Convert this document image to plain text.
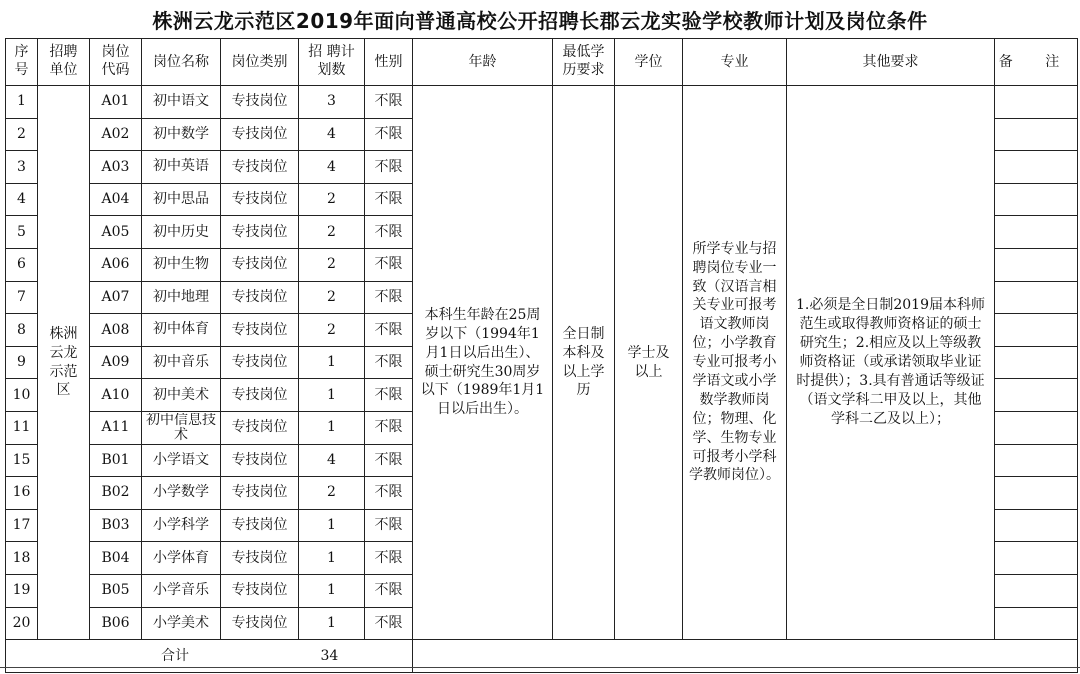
株洲云龙示范区2019年面向普通高校公开招聘长郡云龙实验学校教师计划及岗位条件
序号	招聘单位	岗位代码	岗位名称	岗位类别	招 聘计划数	性别	年龄	最低学历要求	学位	专业	其他要求	备 注
1	株洲云龙示范区	A01	初中语文	专技岗位	3	不限	本科生年龄在25周岁以下（1994年1月1日以后出生）、硕士研究生30周岁以下（1989年1月1日以后出生）。	全日制本科及以上学历	学士及以上	所学专业与招聘岗位专业一致（汉语言相关专业可报考语文教师岗位；小学教育专业可报考小学语文或小学数学教师岗位；物理、化学、生物专业可报考小学科学教师岗位）。	1.必须是全日制2019届本科师范生或取得教师资格证的硕士研究生；2.相应及以上等级教师资格证（或承诺领取毕业证时提供）；3.具有普通话等级证（语文学科二甲及以上，其他学科二乙及以上）；	
2		A02	初中数学	专技岗位	4	不限						
3		A03	初中英语	专技岗位	4	不限						
4		A04	初中思品	专技岗位	2	不限						
5		A05	初中历史	专技岗位	2	不限						
6		A06	初中生物	专技岗位	2	不限						
7		A07	初中地理	专技岗位	2	不限						
8		A08	初中体育	专技岗位	2	不限						
9		A09	初中音乐	专技岗位	1	不限						
10		A10	初中美术	专技岗位	1	不限						
11		A11	初中信息技术	专技岗位	1	不限						
15		B01	小学语文	专技岗位	4	不限						
16		B02	小学数学	专技岗位	2	不限						
17		B03	小学科学	专技岗位	1	不限						
18		B04	小学体育	专技岗位	1	不限						
19		B05	小学音乐	专技岗位	1	不限						
20		B06	小学美术	专技岗位	1	不限						
合计					34							
